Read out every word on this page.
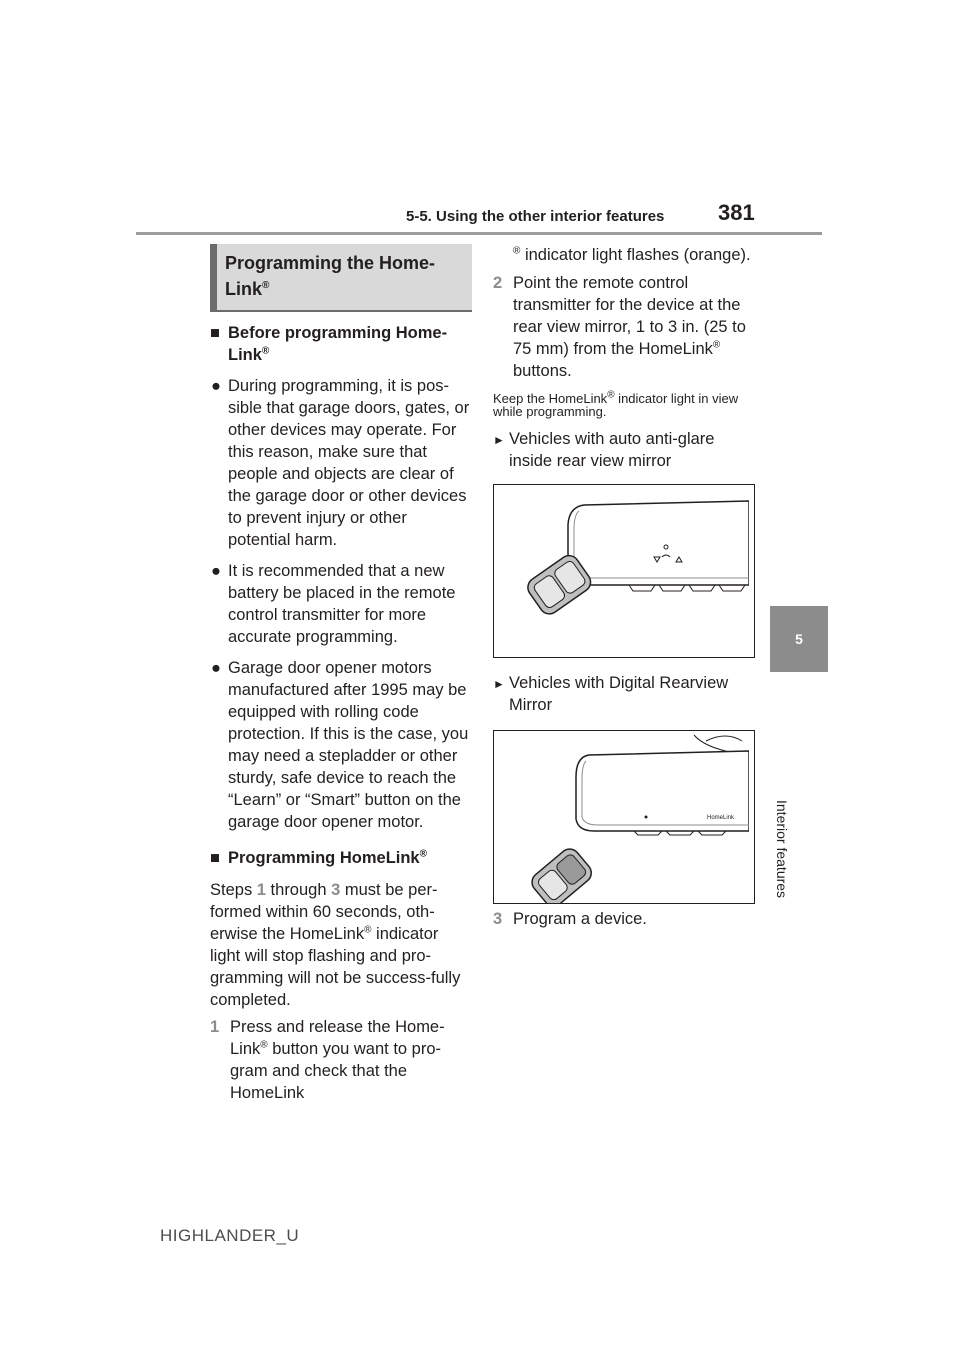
5-5. Using the other interior features 381
5
Interior features
Programming the Home-
Link®
■ Before programming Home-
Link®
● During programming, it is pos-sible that garage doors, gates, or other devices may operate. For this reason, make sure that people and objects are clear of the garage door or other devices to prevent injury or other potential harm.
● It is recommended that a new battery be placed in the remote control transmitter for more accurate programming.
● Garage door opener motors manufactured after 1995 may be equipped with rolling code protection. If this is the case, you may need a stepladder or other sturdy, safe device to reach the “Learn” or “Smart” button on the garage door opener motor.
■ Programming HomeLink®
Steps 1 through 3 must be per-formed within 60 seconds, oth-erwise the HomeLink® indicator light will stop flashing and pro-gramming will not be success-fully completed.
1 Press and release the Home-Link® button you want to pro-gram and check that the HomeLink
® indicator light flashes (orange).
2 Point the remote control transmitter for the device at the rear view mirror, 1 to 3 in. (25 to 75 mm) from the HomeLink® buttons.
Keep the HomeLink® indicator light in view while programming.
► Vehicles with auto anti-glare inside rear view mirror
► Vehicles with Digital Rearview Mirror
HomeLink
3 Program a device.
HIGHLANDER_U
